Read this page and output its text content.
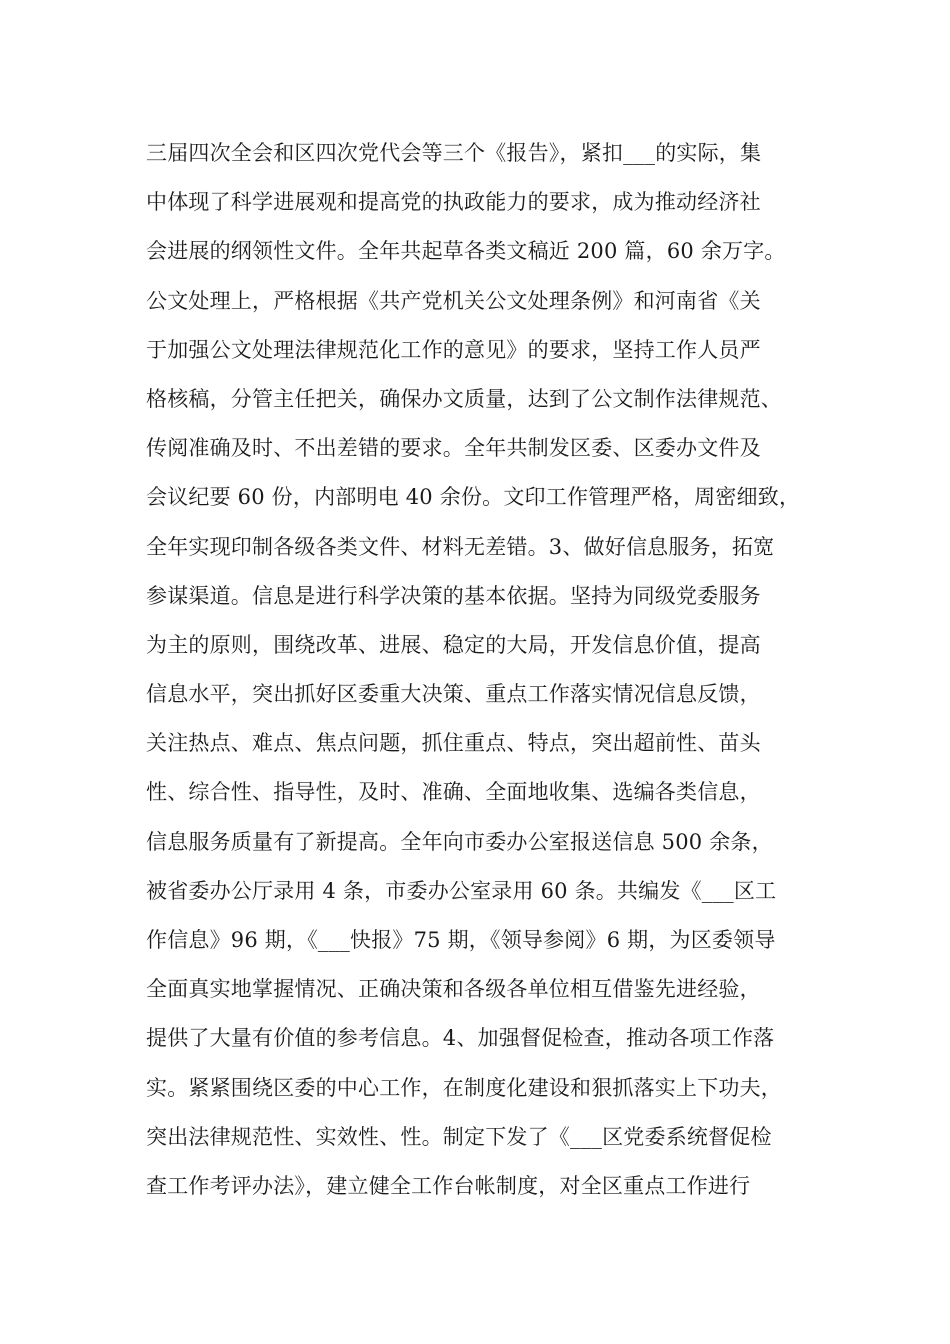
三届四次全会和区四次党代会等三个《报告》，紧扣___的实际，集
中体现了科学进展观和提高党的执政能力的要求，成为推动经济社
会进展的纲领性文件。全年共起草各类文稿近 200 篇，60 余万字。
公文处理上，严格根据《共产党机关公文处理条例》和河南省《关
于加强公文处理法律规范化工作的意见》的要求，坚持工作人员严
格核稿，分管主任把关，确保办文质量，达到了公文制作法律规范、
传阅准确及时、不出差错的要求。全年共制发区委、区委办文件及
会议纪要 60 份，内部明电 40 余份。文印工作管理严格，周密细致，
全年实现印制各级各类文件、材料无差错。3、做好信息服务，拓宽
参谋渠道。信息是进行科学决策的基本依据。坚持为同级党委服务
为主的原则，围绕改革、进展、稳定的大局，开发信息价值，提高
信息水平，突出抓好区委重大决策、重点工作落实情况信息反馈，
关注热点、难点、焦点问题，抓住重点、特点，突出超前性、苗头
性、综合性、指导性，及时、准确、全面地收集、选编各类信息，
信息服务质量有了新提高。全年向市委办公室报送信息 500 余条，
被省委办公厅录用 4 条，市委办公室录用 60 条。共编发《___区工
作信息》96 期，《___快报》75 期，《领导参阅》6 期，为区委领导
全面真实地掌握情况、正确决策和各级各单位相互借鉴先进经验，
提供了大量有价值的参考信息。4、加强督促检查，推动各项工作落
实。紧紧围绕区委的中心工作，在制度化建设和狠抓落实上下功夫，
突出法律规范性、实效性、性。制定下发了《___区党委系统督促检
查工作考评办法》，建立健全工作台帐制度，对全区重点工作进行
